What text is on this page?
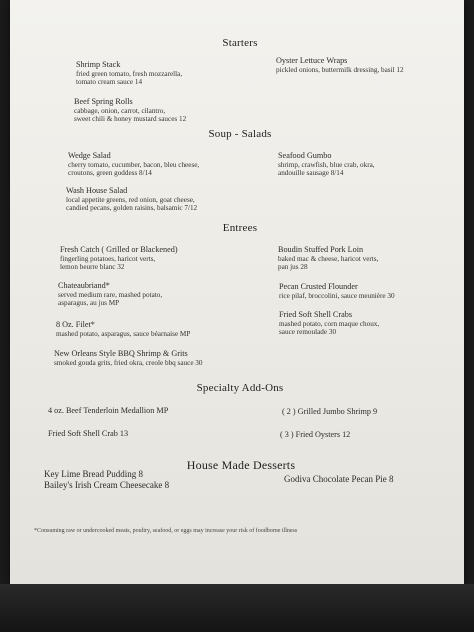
Starters
Shrimp Stack
fried green tomato, fresh mozzarella,
tomato cream sauce 14
Oyster Lettuce Wraps
pickled onions, buttermilk dressing, basil 12
Beef Spring Rolls
cabbage, onion, carrot, cilantro,
sweet chili & honey mustard sauces 12
Soup - Salads
Wedge Salad
cherry tomato, cucumber, bacon, bleu cheese,
croutons, green goddess 8/14
Seafood Gumbo
shrimp, crawfish, blue crab, okra,
andouille sausage 8/14
Wash House Salad
local appetite greens, red onion, goat cheese,
candied pecans, golden raisins, balsamic 7/12
Entrees
Fresh Catch ( Grilled or Blackened)
fingerling potatoes, haricot verts,
lemon beurre blanc 32
Boudin Stuffed Pork Loin
baked mac & cheese, haricot verts,
pan jus 28
Chateaubriand*
served medium rare, mashed potato,
asparagus, au jus MP
Pecan Crusted Flounder
rice pilaf, broccolini, sauce meunière 30
Fried Soft Shell Crabs
mashed potato, corn maque choux,
sauce remoulade 30
8 Oz. Filet*
mashed potato, asparagus, sauce béarnaise MP
New Orleans Style BBQ Shrimp & Grits
smoked gouda grits, fried okra, creole bbq sauce 30
Specialty Add-Ons
4 oz. Beef Tenderloin Medallion MP	( 2 ) Grilled Jumbo Shrimp 9
Fried Soft Shell Crab 13	( 3 ) Fried Oysters 12
House Made Desserts
Key Lime Bread Pudding 8
Bailey's Irish Cream Cheesecake 8
Godiva Chocolate Pecan Pie 8
*Consuming raw or undercooked meats, poultry, seafood, or eggs may increase your risk of foodborne illness
